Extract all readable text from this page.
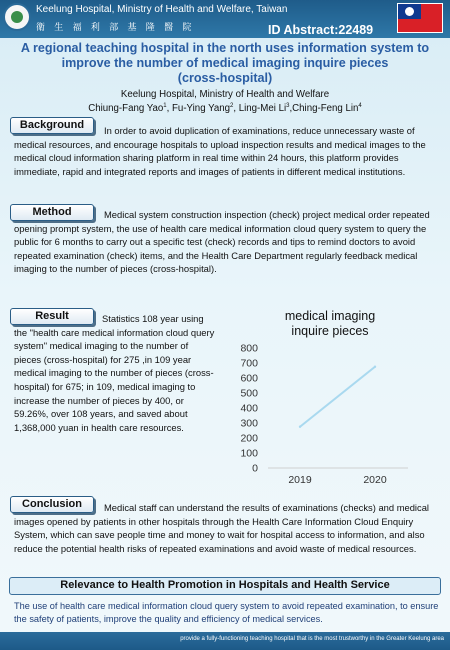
Keelung Hospital, Ministry of Health and Welfare, Taiwan
衛 生 福 利 部 基 隆 醫 院	ID Abstract:22489
A regional teaching hospital in the north uses information system to
improve the number of medical imaging inquire pieces
(cross-hospital)
Keelung Hospital, Ministry of Health and Welfare
Chiung-Fang Yao$^1$, Fu-Ying Yang$^2$, Ling-Mei Li$^3$,Ching-Feng Lin$^4$
Background	In order to avoid duplication of examinations, reduce unnecessary waste of medical resources, and encourage hospitals to upload inspection results and medical images to the medical cloud information sharing platform in real time within 24 hours, this platform provides immediate, rapid and integrated reports and images of patients in different medical institutions.
Method	Medical system construction inspection (check) project medical order repeated opening prompt system, the use of health care medical information cloud query system to query the public for 6 months to carry out a specific test (check) records and tips to remind doctors to avoid repeated examination (check) items, and the Health Care Department regularly feedback medical imaging to the number of pieces (cross-hospital).
Result	Statistics 108 year using the "health care medical information cloud query system" medical imaging to the number of pieces (cross-hospital) for 275 ,in 109 year medical imaging to the number of pieces (cross-hospital) for 675; in 109, medical imaging to increase the number of pieces by 400, or 59.26%, over 108 years, and saved about 1,368,000 yuan in health care resources.
medical imaging inquire pieces
800
700
600
500
400
300
200
100
0
2019	2020
Conclusion	Medical staff can understand the results of examinations (checks) and medical images opened by patients in other hospitals through the Health Care Information Cloud Enquiry System, which can save people time and money to wait for hospital access to information, and also reduce the potential health risks of repeated examinations and avoid waste of medical resources.
Relevance to Health Promotion in Hospitals and Health Service
The use of health care medical information cloud query system to avoid repeated examination, to ensure the safety of patients, improve the quality and efficiency of medical services.
provide a fully-functioning teaching hospital that is the most trustworthy in the Greater Keelung area
